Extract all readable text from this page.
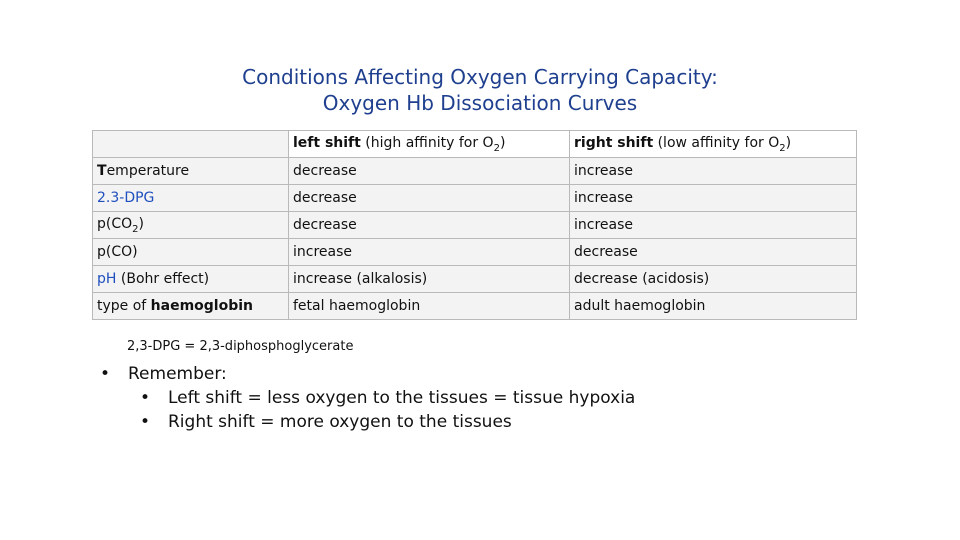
Conditions Affecting Oxygen Carrying Capacity:
Oxygen Hb Dissociation Curves
	left shift (high affinity for $O_2$)	right shift (low affinity for $O_2$)
Temperature	decrease	increase
2.3-DPG	decrease	increase
$p(CO_2)$	decrease	increase
p(CO)	increase	decrease
pH (Bohr effect)	increase (alkalosis)	decrease (acidosis)
type of haemoglobin	fetal haemoglobin	adult haemoglobin
2,3-DPG = 2,3-diphosphoglycerate
• Remember:
• Left shift = less oxygen to the tissues = tissue hypoxia
• Right shift = more oxygen to the tissues
